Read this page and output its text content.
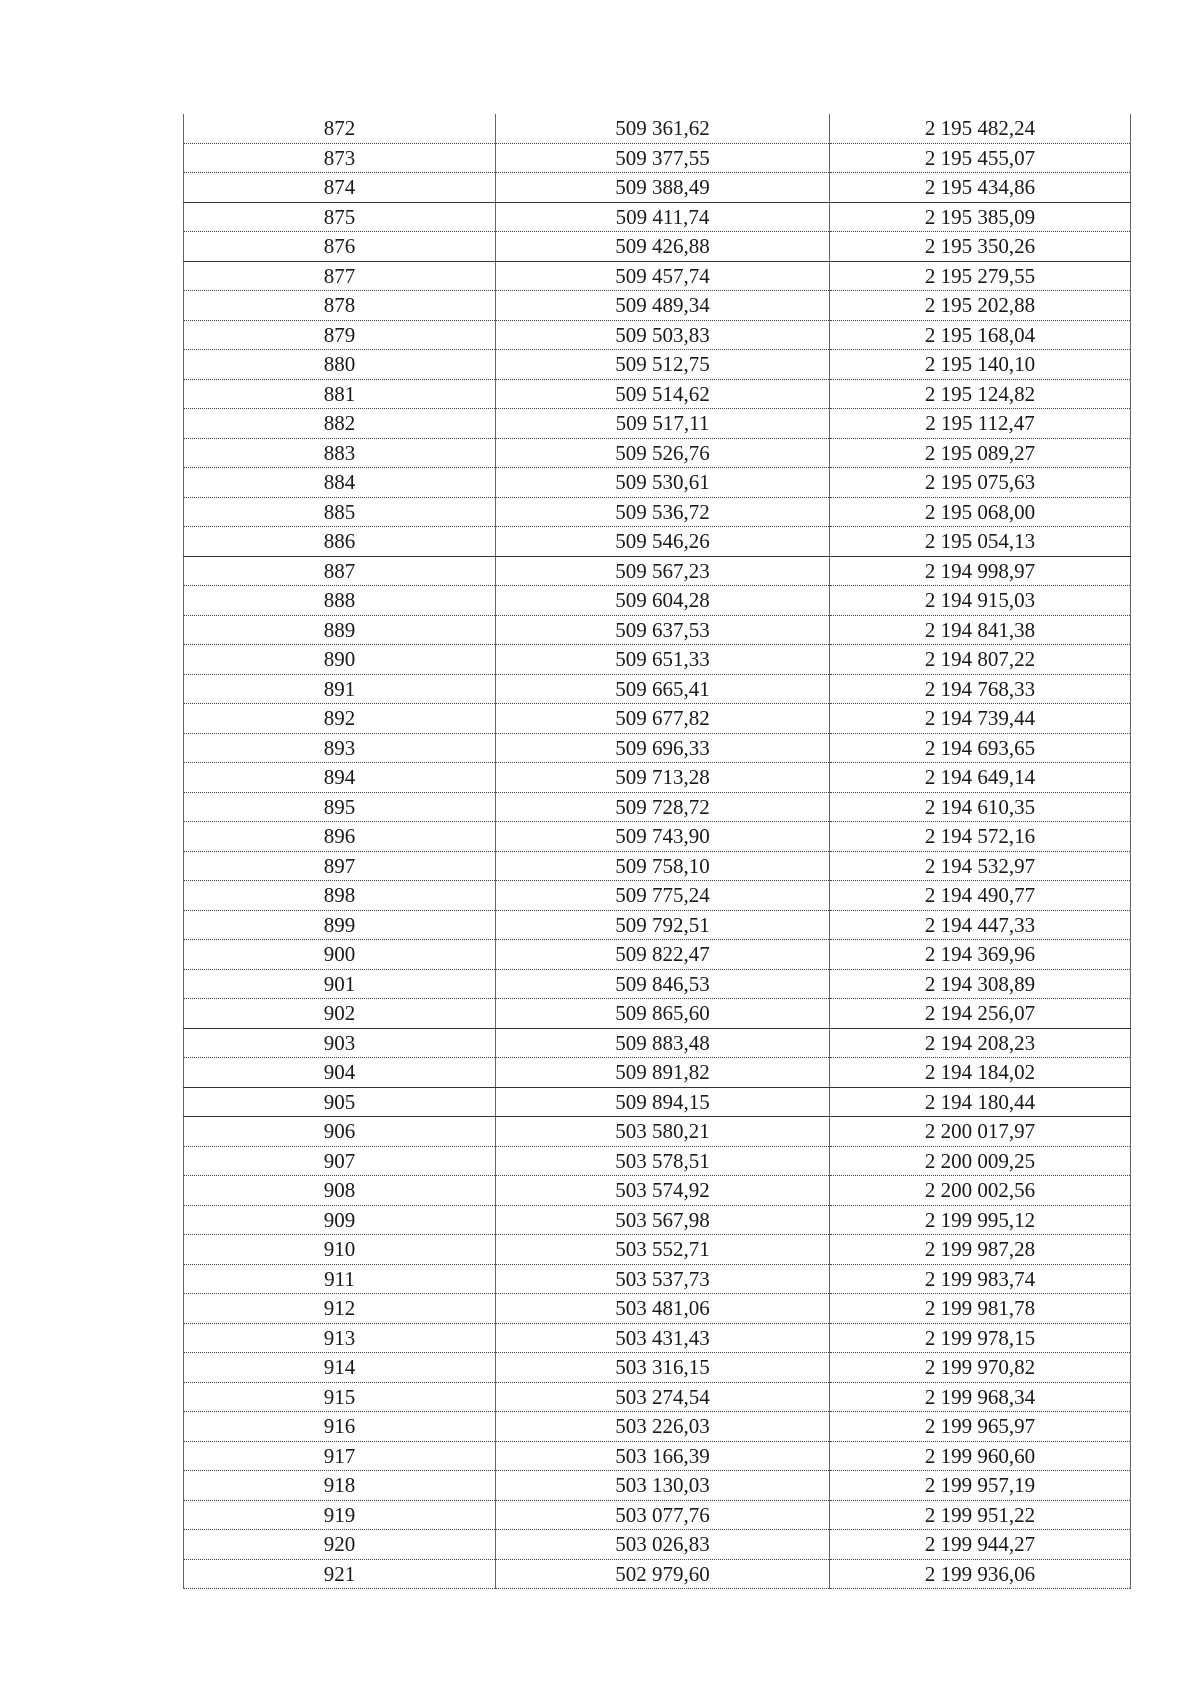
872	509 361,62	2 195 482,24
873	509 377,55	2 195 455,07
874	509 388,49	2 195 434,86
875	509 411,74	2 195 385,09
876	509 426,88	2 195 350,26
877	509 457,74	2 195 279,55
878	509 489,34	2 195 202,88
879	509 503,83	2 195 168,04
880	509 512,75	2 195 140,10
881	509 514,62	2 195 124,82
882	509 517,11	2 195 112,47
883	509 526,76	2 195 089,27
884	509 530,61	2 195 075,63
885	509 536,72	2 195 068,00
886	509 546,26	2 195 054,13
887	509 567,23	2 194 998,97
888	509 604,28	2 194 915,03
889	509 637,53	2 194 841,38
890	509 651,33	2 194 807,22
891	509 665,41	2 194 768,33
892	509 677,82	2 194 739,44
893	509 696,33	2 194 693,65
894	509 713,28	2 194 649,14
895	509 728,72	2 194 610,35
896	509 743,90	2 194 572,16
897	509 758,10	2 194 532,97
898	509 775,24	2 194 490,77
899	509 792,51	2 194 447,33
900	509 822,47	2 194 369,96
901	509 846,53	2 194 308,89
902	509 865,60	2 194 256,07
903	509 883,48	2 194 208,23
904	509 891,82	2 194 184,02
905	509 894,15	2 194 180,44
906	503 580,21	2 200 017,97
907	503 578,51	2 200 009,25
908	503 574,92	2 200 002,56
909	503 567,98	2 199 995,12
910	503 552,71	2 199 987,28
911	503 537,73	2 199 983,74
912	503 481,06	2 199 981,78
913	503 431,43	2 199 978,15
914	503 316,15	2 199 970,82
915	503 274,54	2 199 968,34
916	503 226,03	2 199 965,97
917	503 166,39	2 199 960,60
918	503 130,03	2 199 957,19
919	503 077,76	2 199 951,22
920	503 026,83	2 199 944,27
921	502 979,60	2 199 936,06
